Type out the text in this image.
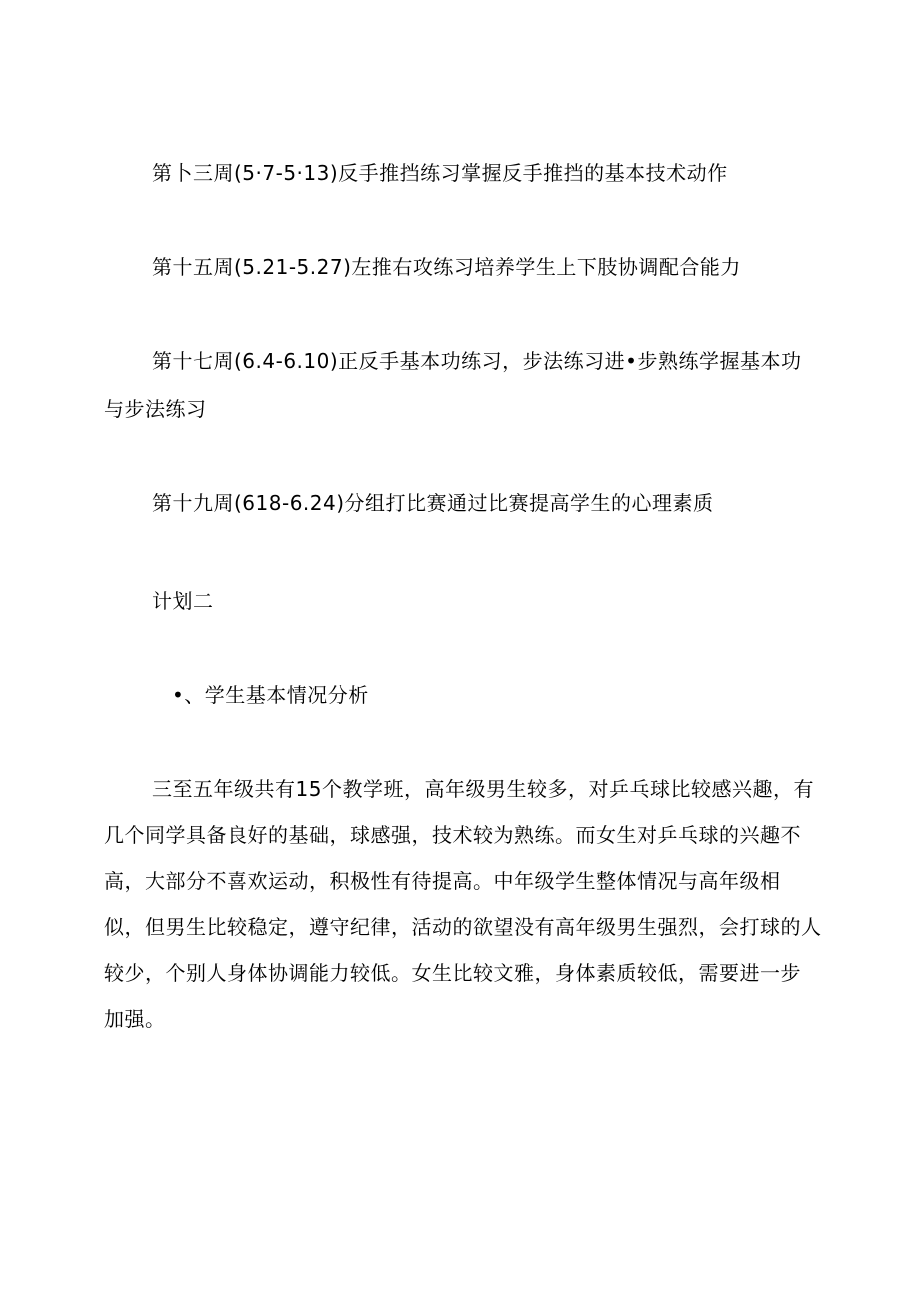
第卜三周(5·7-5·13)反手推挡练习掌握反手推挡的基本技术动作
第十五周(5.21-5.27)左推右攻练习培养学生上下肢协调配合能力
第十七周(6.4-6.10)正反手基本功练习，步法练习进•步熟练学握基本功
与步法练习
第十九周(618-6.24)分组打比赛通过比赛提高学生的心理素质
计划二
•、学生基本情况分析
三至五年级共有15个教学班，高年级男生较多，对乒乓球比较感兴趣，有
几个同学具备良好的基础，球感强，技术较为熟练。而女生对乒乓球的兴趣不
高，大部分不喜欢运动，积极性有待提高。中年级学生整体情况与高年级相
似，但男生比较稳定，遵守纪律，活动的欲望没有高年级男生强烈，会打球的人
较少，个别人身体协调能力较低。女生比较文雅，身体素质较低，需要进一步
加强。
